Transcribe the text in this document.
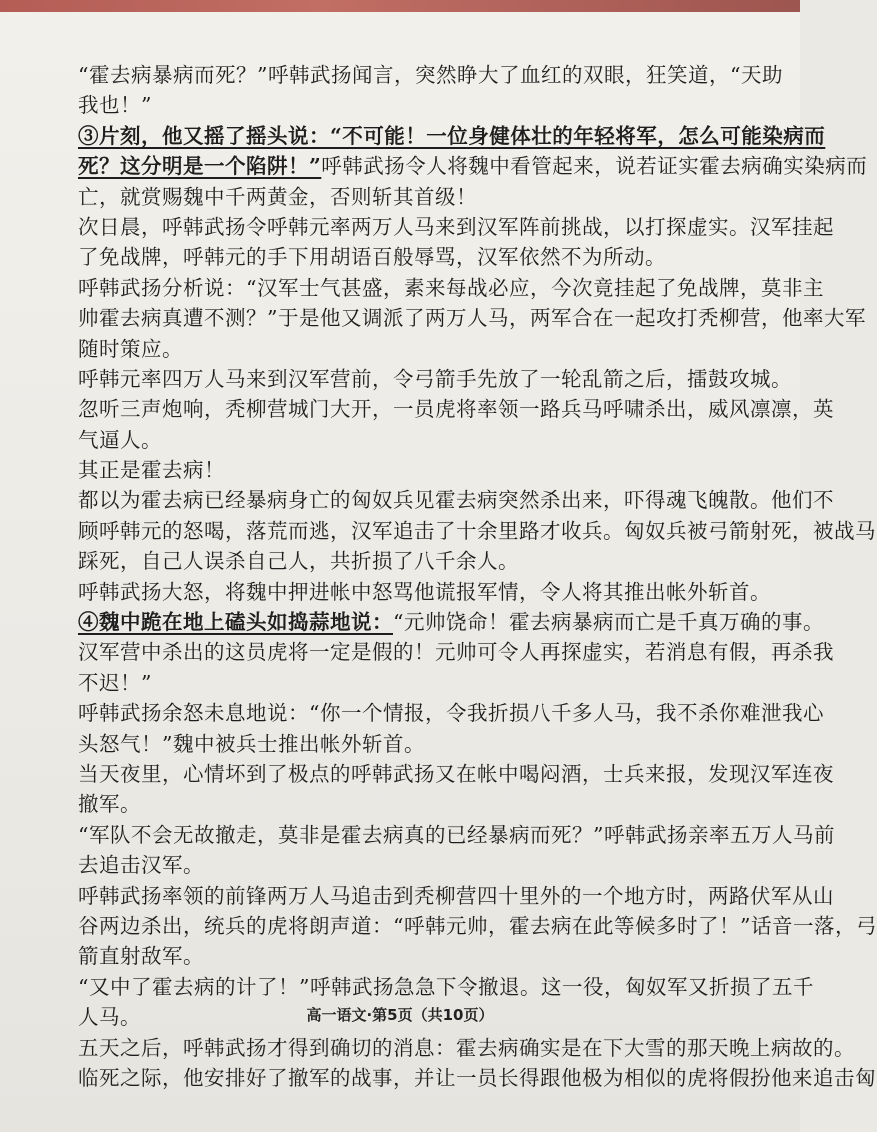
“霍去病暴病而死？”呼韩武扬闻言，突然睁大了血红的双眼，狂笑道，“天助

我也！”

③片刻，他又摇了摇头说：“不可能！一位身健体壮的年轻将军，怎么可能染病而

死？这分明是一个陷阱！”呼韩武扬令人将魏中看管起来，说若证实霍去病确实染病而

亡，就赏赐魏中千两黄金，否则斩其首级！

次日晨，呼韩武扬令呼韩元率两万人马来到汉军阵前挑战，以打探虚实。汉军挂起

了免战牌，呼韩元的手下用胡语百般辱骂，汉军依然不为所动。

呼韩武扬分析说：“汉军士气甚盛，素来每战必应，今次竟挂起了免战牌，莫非主

帅霍去病真遭不测？”于是他又调派了两万人马，两军合在一起攻打秃柳营，他率大军

随时策应。

呼韩元率四万人马来到汉军营前，令弓箭手先放了一轮乱箭之后，擂鼓攻城。

忽听三声炮响，秃柳营城门大开，一员虎将率领一路兵马呼啸杀出，威风凛凛，英

气逼人。

其正是霍去病！

都以为霍去病已经暴病身亡的匈奴兵见霍去病突然杀出来，吓得魂飞魄散。他们不

顾呼韩元的怒喝，落荒而逃，汉军追击了十余里路才收兵。匈奴兵被弓箭射死，被战马

踩死，自己人误杀自己人，共折损了八千余人。

呼韩武扬大怒，将魏中押进帐中怒骂他谎报军情，令人将其推出帐外斩首。

④魏中跪在地上磕头如捣蒜地说：“元帅饶命！霍去病暴病而亡是千真万确的事。

汉军营中杀出的这员虎将一定是假的！元帅可令人再探虚实，若消息有假，再杀我

不迟！”

呼韩武扬余怒未息地说：“你一个情报，令我折损八千多人马，我不杀你难泄我心

头怒气！”魏中被兵士推出帐外斩首。

当天夜里，心情坏到了极点的呼韩武扬又在帐中喝闷酒，士兵来报，发现汉军连夜

撤军。

“军队不会无故撤走，莫非是霍去病真的已经暴病而死？”呼韩武扬亲率五万人马前

去追击汉军。

呼韩武扬率领的前锋两万人马追击到秃柳营四十里外的一个地方时，两路伏军从山

谷两边杀出，统兵的虎将朗声道：“呼韩元帅，霍去病在此等候多时了！”话音一落，弓

箭直射敌军。

“又中了霍去病的计了！”呼韩武扬急急下令撤退。这一役，匈奴军又折损了五千

人马。

五天之后，呼韩武扬才得到确切的消息：霍去病确实是在下大雪的那天晚上病故的。

临死之际，他安排好了撤军的战事，并让一员长得跟他极为相似的虎将假扮他来追击匈

高一语文·第5页（共10页）
